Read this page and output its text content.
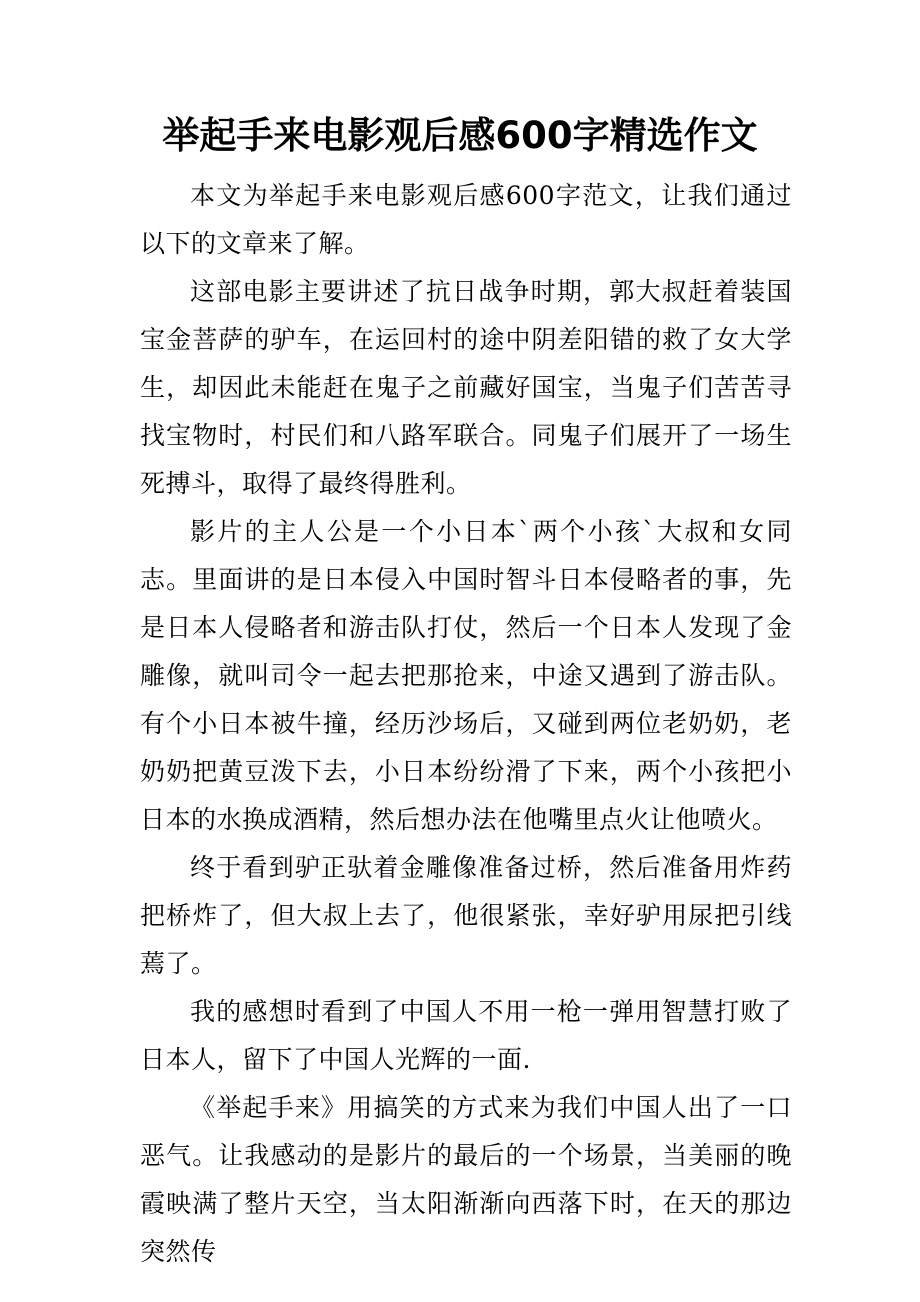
举起手来电影观后感600字精选作文

本文为举起手来电影观后感600字范文，让我们通过以下的文章来了解。

这部电影主要讲述了抗日战争时期，郭大叔赶着装国宝金菩萨的驴车，在运回村的途中阴差阳错的救了女大学生，却因此未能赶在鬼子之前藏好国宝，当鬼子们苦苦寻找宝物时，村民们和八路军联合。同鬼子们展开了一场生死搏斗，取得了最终得胜利。

影片的主人公是一个小日本`两个小孩`大叔和女同志。里面讲的是日本侵入中国时智斗日本侵略者的事，先是日本人侵略者和游击队打仗，然后一个日本人发现了金雕像，就叫司令一起去把那抢来，中途又遇到了游击队。有个小日本被牛撞，经历沙场后，又碰到两位老奶奶，老奶奶把黄豆泼下去，小日本纷纷滑了下来，两个小孩把小日本的水换成酒精，然后想办法在他嘴里点火让他喷火。

终于看到驴正驮着金雕像准备过桥，然后准备用炸药把桥炸了，但大叔上去了，他很紧张，幸好驴用尿把引线蔫了。

我的感想时看到了中国人不用一枪一弹用智慧打败了日本人，留下了中国人光辉的一面.

《举起手来》用搞笑的方式来为我们中国人出了一口恶气。让我感动的是影片的最后的一个场景，当美丽的晚霞映满了整片天空，当太阳渐渐向西落下时，在天的那边突然传
